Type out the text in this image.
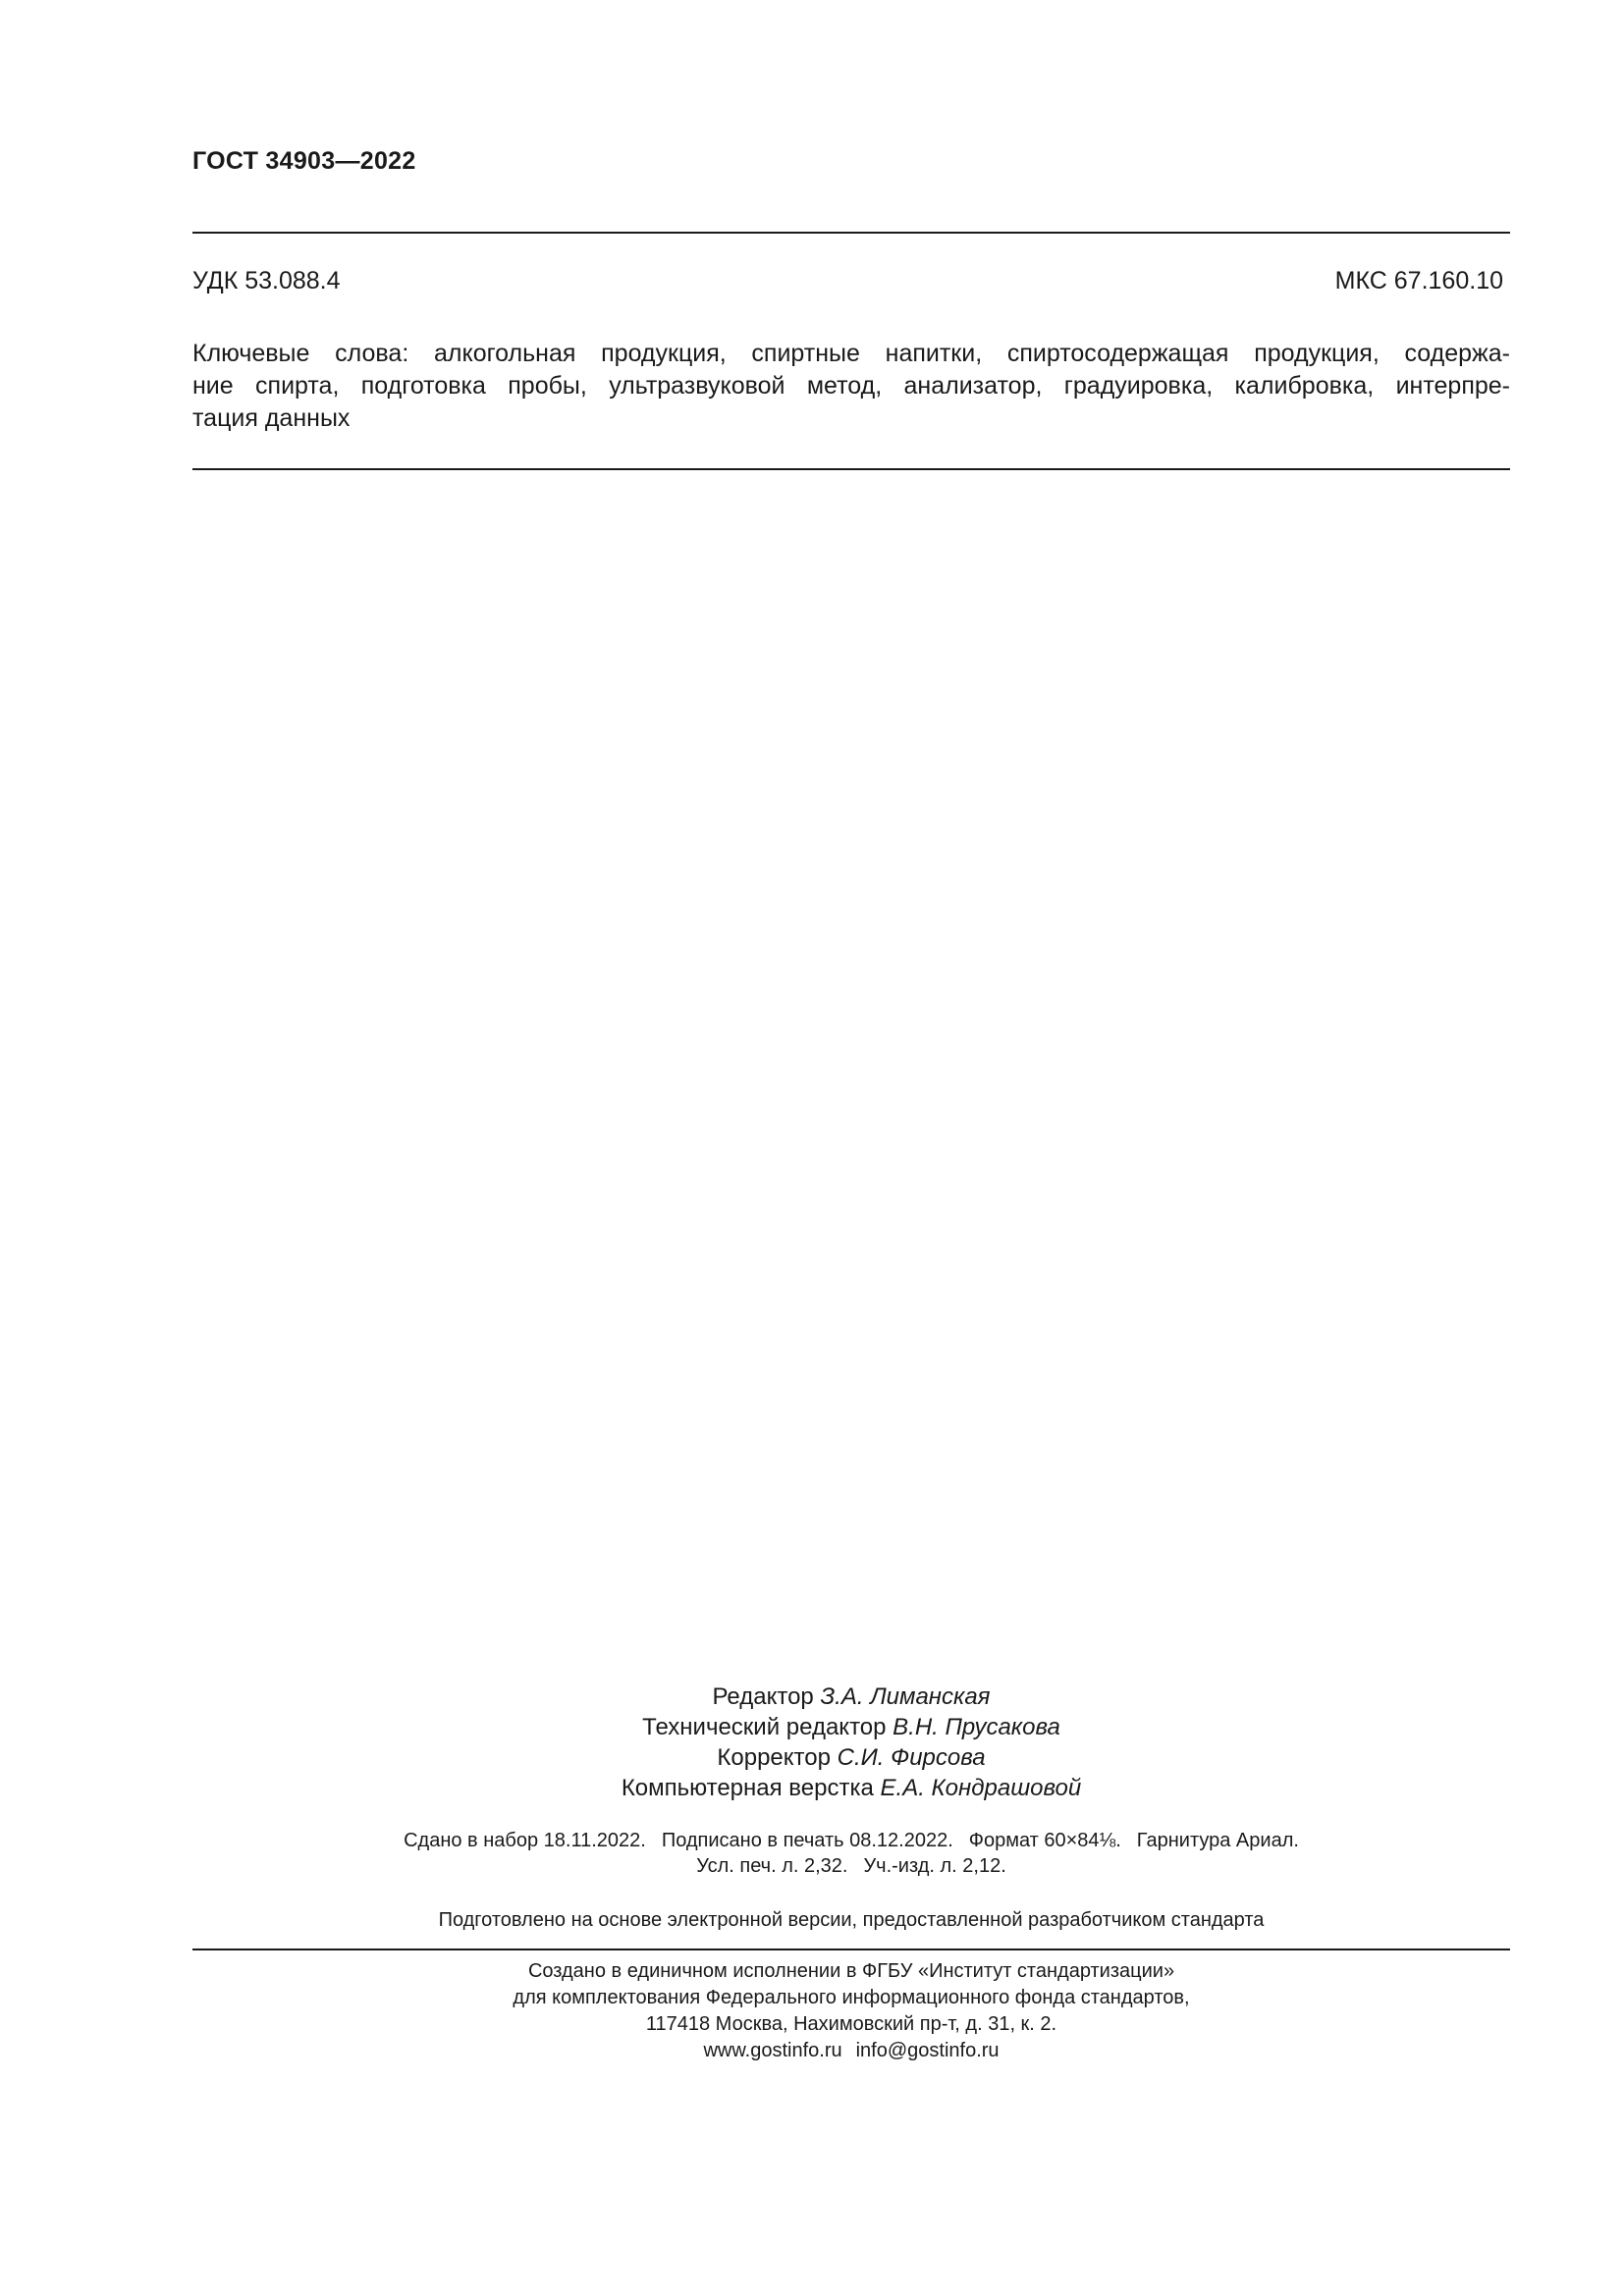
ГОСТ 34903—2022
УДК 53.088.4	МКС 67.160.10
Ключевые слова: алкогольная продукция, спиртные напитки, спиртосодержащая продукция, содержа-
ние спирта, подготовка пробы, ультразвуковой метод, анализатор, градуировка, калибровка, интерпре-
тация данных
Редактор З.А. Лиманская
Технический редактор В.Н. Прусакова
Корректор С.И. Фирсова
Компьютерная верстка Е.А. Кондрашовой
Сдано в набор 18.11.2022. Подписано в печать 08.12.2022. Формат 60×84⅛. Гарнитура Ариал.
Усл. печ. л. 2,32. Уч.-изд. л. 2,12.
Подготовлено на основе электронной версии, предоставленной разработчиком стандарта
Создано в единичном исполнении в ФГБУ «Институт стандартизации»
для комплектования Федерального информационного фонда стандартов,
117418 Москва, Нахимовский пр-т, д. 31, к. 2.
www.gostinfo.ru info@gostinfo.ru
